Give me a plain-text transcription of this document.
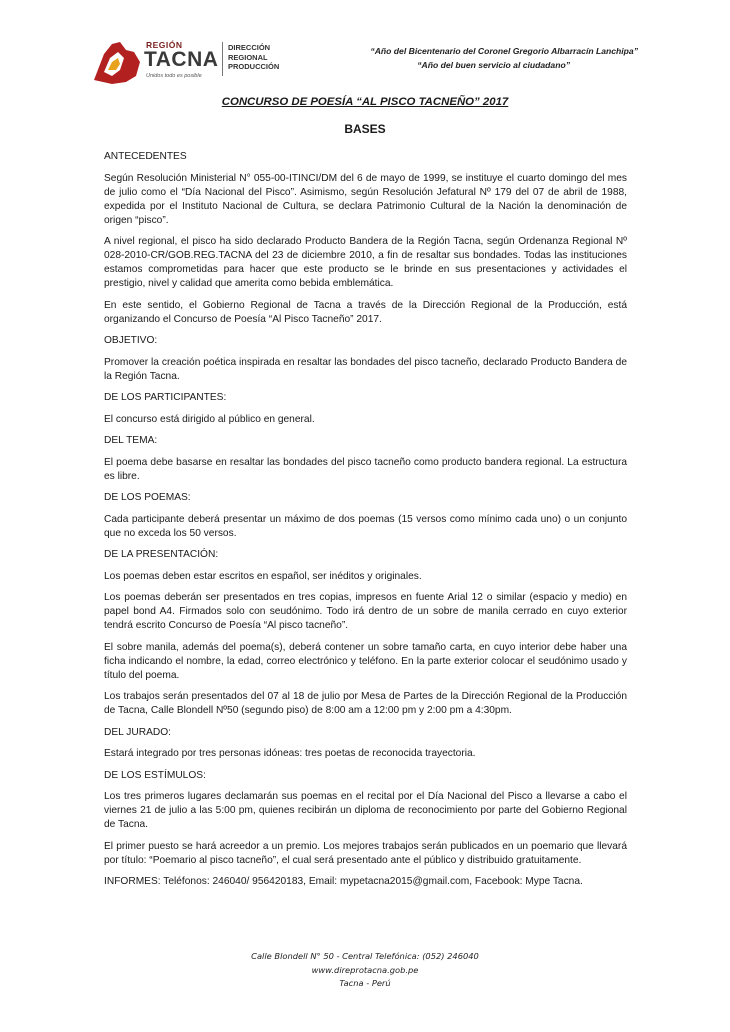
REGIÓN
TACNA
Unidos todo es posible
DIRECCIÓN
REGIONAL
PRODUCCIÓN
“Año del Bicentenario del Coronel Gregorio Albarracín Lanchipa”
“Año del buen servicio al ciudadano”
CONCURSO DE POESÍA “AL PISCO TACNEÑO” 2017
BASES

ANTECEDENTES

Según Resolución Ministerial N° 055-00-ITINCI/DM del 6 de mayo de 1999, se instituye el cuarto domingo del mes de julio como el “Día Nacional del Pisco”. Asimismo, según Resolución Jefatural Nº 179 del 07 de abril de 1988, expedida por el Instituto Nacional de Cultura, se declara Patrimonio Cultural de la Nación la denominación de origen “pisco”.

A nivel regional, el pisco ha sido declarado Producto Bandera de la Región Tacna, según Ordenanza Regional Nº 028-2010-CR/GOB.REG.TACNA del 23 de diciembre 2010, a fin de resaltar sus bondades. Todas las instituciones estamos comprometidas para hacer que este producto se le brinde en sus presentaciones y actividades el prestigio, nivel y calidad que amerita como bebida emblemática.

En este sentido, el Gobierno Regional de Tacna a través de la Dirección Regional de la Producción, está organizando el Concurso de Poesía “Al Pisco Tacneño” 2017.

OBJETIVO:

Promover la creación poética inspirada en resaltar las bondades del pisco tacneño, declarado Producto Bandera de la Región Tacna.

DE LOS PARTICIPANTES:

El concurso está dirigido al público en general.

DEL TEMA:

El poema debe basarse en resaltar las bondades del pisco tacneño como producto bandera regional. La estructura es libre.

DE LOS POEMAS:

Cada participante deberá presentar un máximo de dos poemas (15 versos como mínimo cada uno) o un conjunto que no exceda los 50 versos.

DE LA PRESENTACIÓN:

Los poemas deben estar escritos en español, ser inéditos y originales.

Los poemas deberán ser presentados en tres copias, impresos en fuente Arial 12 o similar (espacio y medio) en papel bond A4. Firmados solo con seudónimo. Todo irá dentro de un sobre de manila cerrado en cuyo exterior tendrá escrito Concurso de Poesía “Al pisco tacneño”.

El sobre manila, además del poema(s), deberá contener un sobre tamaño carta, en cuyo interior debe haber una ficha indicando el nombre, la edad, correo electrónico y teléfono. En la parte exterior colocar el seudónimo usado y título del poema.

Los trabajos serán presentados del 07 al 18 de julio por Mesa de Partes de la Dirección Regional de la Producción de Tacna, Calle Blondell Nº50 (segundo piso) de 8:00 am a 12:00 pm y 2:00 pm a 4:30pm.

DEL JURADO:

Estará integrado por tres personas idóneas: tres poetas de reconocida trayectoria.

DE LOS ESTÍMULOS:

Los tres primeros lugares declamarán sus poemas en el recital por el Día Nacional del Pisco a llevarse a cabo el viernes 21 de julio a las 5:00 pm, quienes recibirán un diploma de reconocimiento por parte del Gobierno Regional de Tacna.

El primer puesto se hará acreedor a un premio. Los mejores trabajos serán publicados en un poemario que llevará por título: “Poemario al pisco tacneño”, el cual será presentado ante el público y distribuido gratuitamente.

INFORMES: Teléfonos: 246040/ 956420183, Email: mypetacna2015@gmail.com, Facebook: Mype Tacna.

Calle Blondell N° 50 - Central Telefónica: (052) 246040
www.direprotacna.gob.pe
Tacna - Perú
